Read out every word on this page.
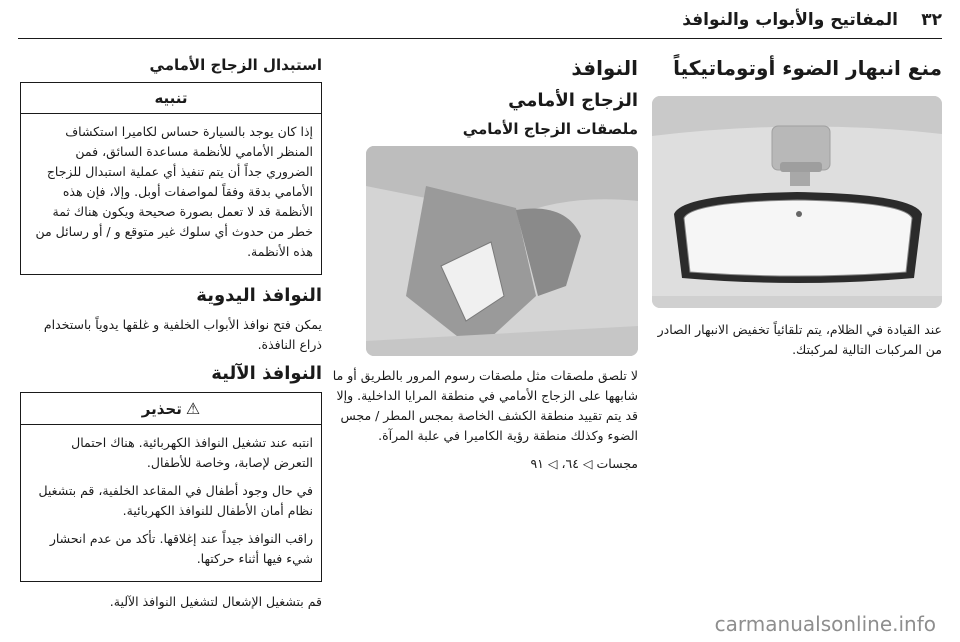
٣٢
المفاتيح والأبواب والنوافذ
منع انبهار الضوء أوتوماتيكياً

عند القيادة في الظلام، يتم تلقائياً تخفيض الانبهار الصادر من المركبات التالية لمركبتك.

النوافذ
الزجاج الأمامي
ملصقات الزجاج الأمامي

لا تلصق ملصقات مثل ملصقات رسوم المرور بالطريق أو ما شابهها على الزجاج الأمامي في منطقة المرايا الداخلية. وإلا قد يتم تقييد منطقة الكشف الخاصة بمجس المطر / مجس الضوء وكذلك منطقة رؤية الكاميرا في علبة المرآة.

مجسات ◁ ٦٤، ◁ ٩١

استبدال الزجاج الأمامي
تنبيه

إذا كان يوجد بالسيارة حساس لكاميرا استكشاف المنظر الأمامي للأنظمة مساعدة السائق، فمن الضروري جداً أن يتم تنفيذ أي عملية استبدال للزجاج الأمامي بدقة وفقاً لمواصفات أوبل. وإلا، فإن هذه الأنظمة قد لا تعمل بصورة صحيحة ويكون هناك ثمة خطر من حدوث أي سلوك غير متوقع و / أو رسائل من هذه الأنظمة.

النوافذ اليدوية

يمكن فتح نوافذ الأبواب الخلفية و غلقها يدوياً باستخدام ذراع النافذة.

النوافذ الآلية
⚠تحذير

انتبه عند تشغيل النوافذ الكهربائية. هناك احتمال التعرض لإصابة، وخاصة للأطفال.

في حال وجود أطفال في المقاعد الخلفية، قم بتشغيل نظام أمان الأطفال للنوافذ الكهربائية.

راقب النوافذ جيداً عند إغلاقها. تأكد من عدم انحشار شيء فيها أثناء حركتها.

قم بتشغيل الإشعال لتشغيل النوافذ الآلية.

carmanualsonline.info
